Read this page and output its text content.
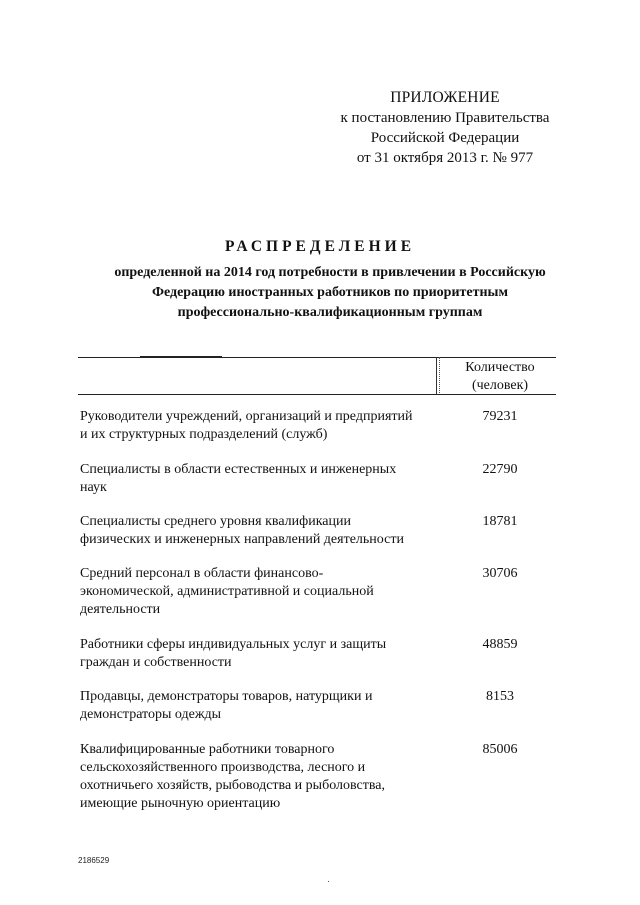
ПРИЛОЖЕНИЕ
к постановлению Правительства
Российской Федерации
от 31 октября 2013 г. № 977
РАСПРЕДЕЛЕНИЕ
определенной на 2014 год потребности в привлечении в Российскую
Федерацию иностранных работников по приоритетным
профессионально-квалификационным группам
Количество
(человек)
Руководители учреждений, организаций и предприятий
и их структурных подразделений (служб)
79231
Специалисты в области естественных и инженерных
наук
22790
Специалисты среднего уровня квалификации
физических и инженерных направлений деятельности
18781
Средний персонал в области финансово-
экономической, административной и социальной
деятельности
30706
Работники сферы индивидуальных услуг и защиты
граждан и собственности
48859
Продавцы, демонстраторы товаров, натурщики и
демонстраторы одежды
8153
Квалифицированные работники товарного
сельскохозяйственного производства, лесного и
охотничьего хозяйств, рыбоводства и рыболовства,
имеющие рыночную ориентацию
85006
2186529
